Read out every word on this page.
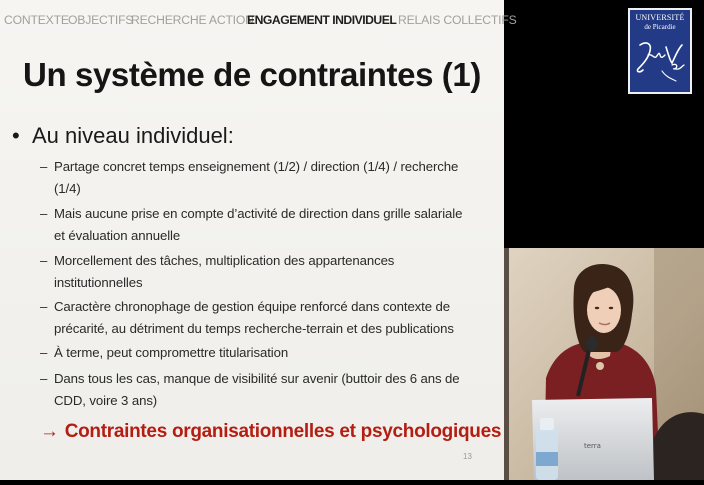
CONTEXTE OBJECTIFS
RECHERCHE ACTION
ENGAGEMENT INDIVIDUEL RELAIS COLLECTIFS
Un système de contraintes (1)
• Au niveau individuel:
– Partage concret temps enseignement (1/2) / direction (1/4) / recherche
(1/4)
– Mais aucune prise en compte d’activité de direction dans grille salariale
et évaluation annuelle
– Morcellement des tâches, multiplication des appartenances
institutionnelles
– Caractère chronophage de gestion équipe renforcé dans contexte de
précarité, au détriment du temps recherche-terrain et des publications
– À terme, peut compromettre titularisation
– Dans tous les cas, manque de visibilité sur avenir (buttoir des 6 ans de
CDD, voire 3 ans)
→ Contraintes organisationnelles et psychologiques
13
UNIVERSITÉ
de Picardie
terra
